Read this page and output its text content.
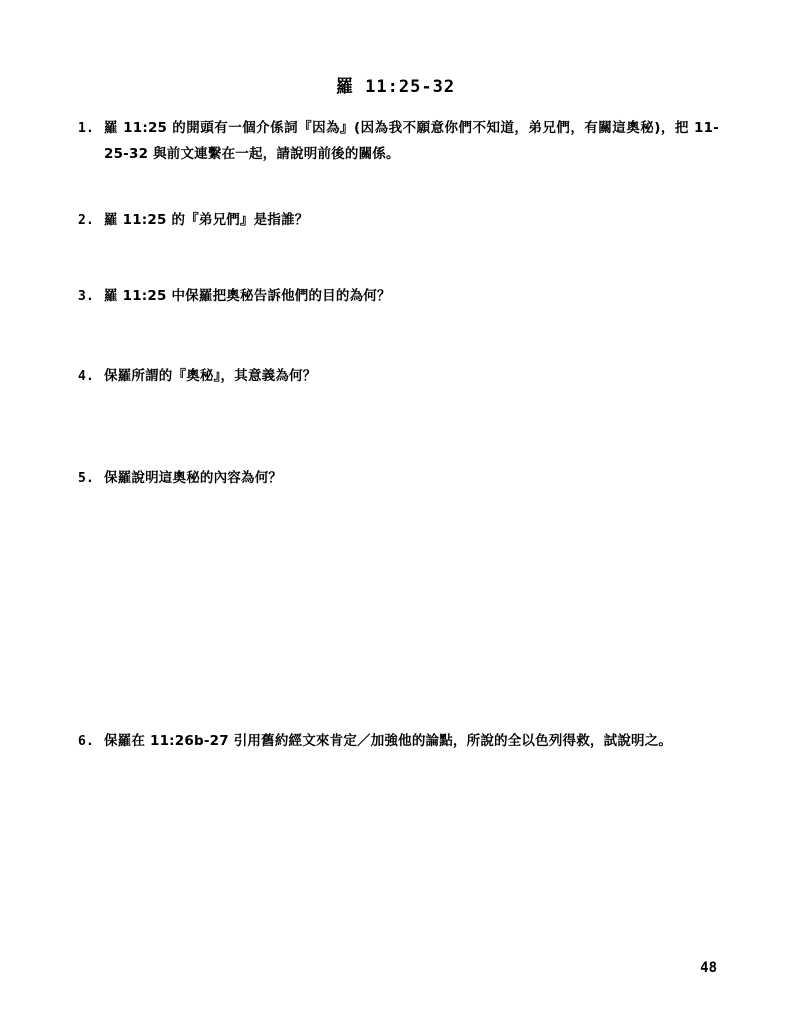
羅 11:25-32
1. 羅 11:25 的開頭有一個介係詞『因為』(因為我不願意你們不知道，弟兄們，有關這奧秘)，把 11-25-32 與前文連繫在一起，請說明前後的關係。
2. 羅 11:25 的『弟兄們』是指誰？
3. 羅 11:25 中保羅把奧秘告訴他們的目的為何？
4. 保羅所謂的『奧秘』，其意義為何？
5. 保羅說明這奧秘的內容為何？
6. 保羅在 11:26b-27 引用舊約經文來肯定／加強他的論點，所說的全以色列得救，試說明之。
48
